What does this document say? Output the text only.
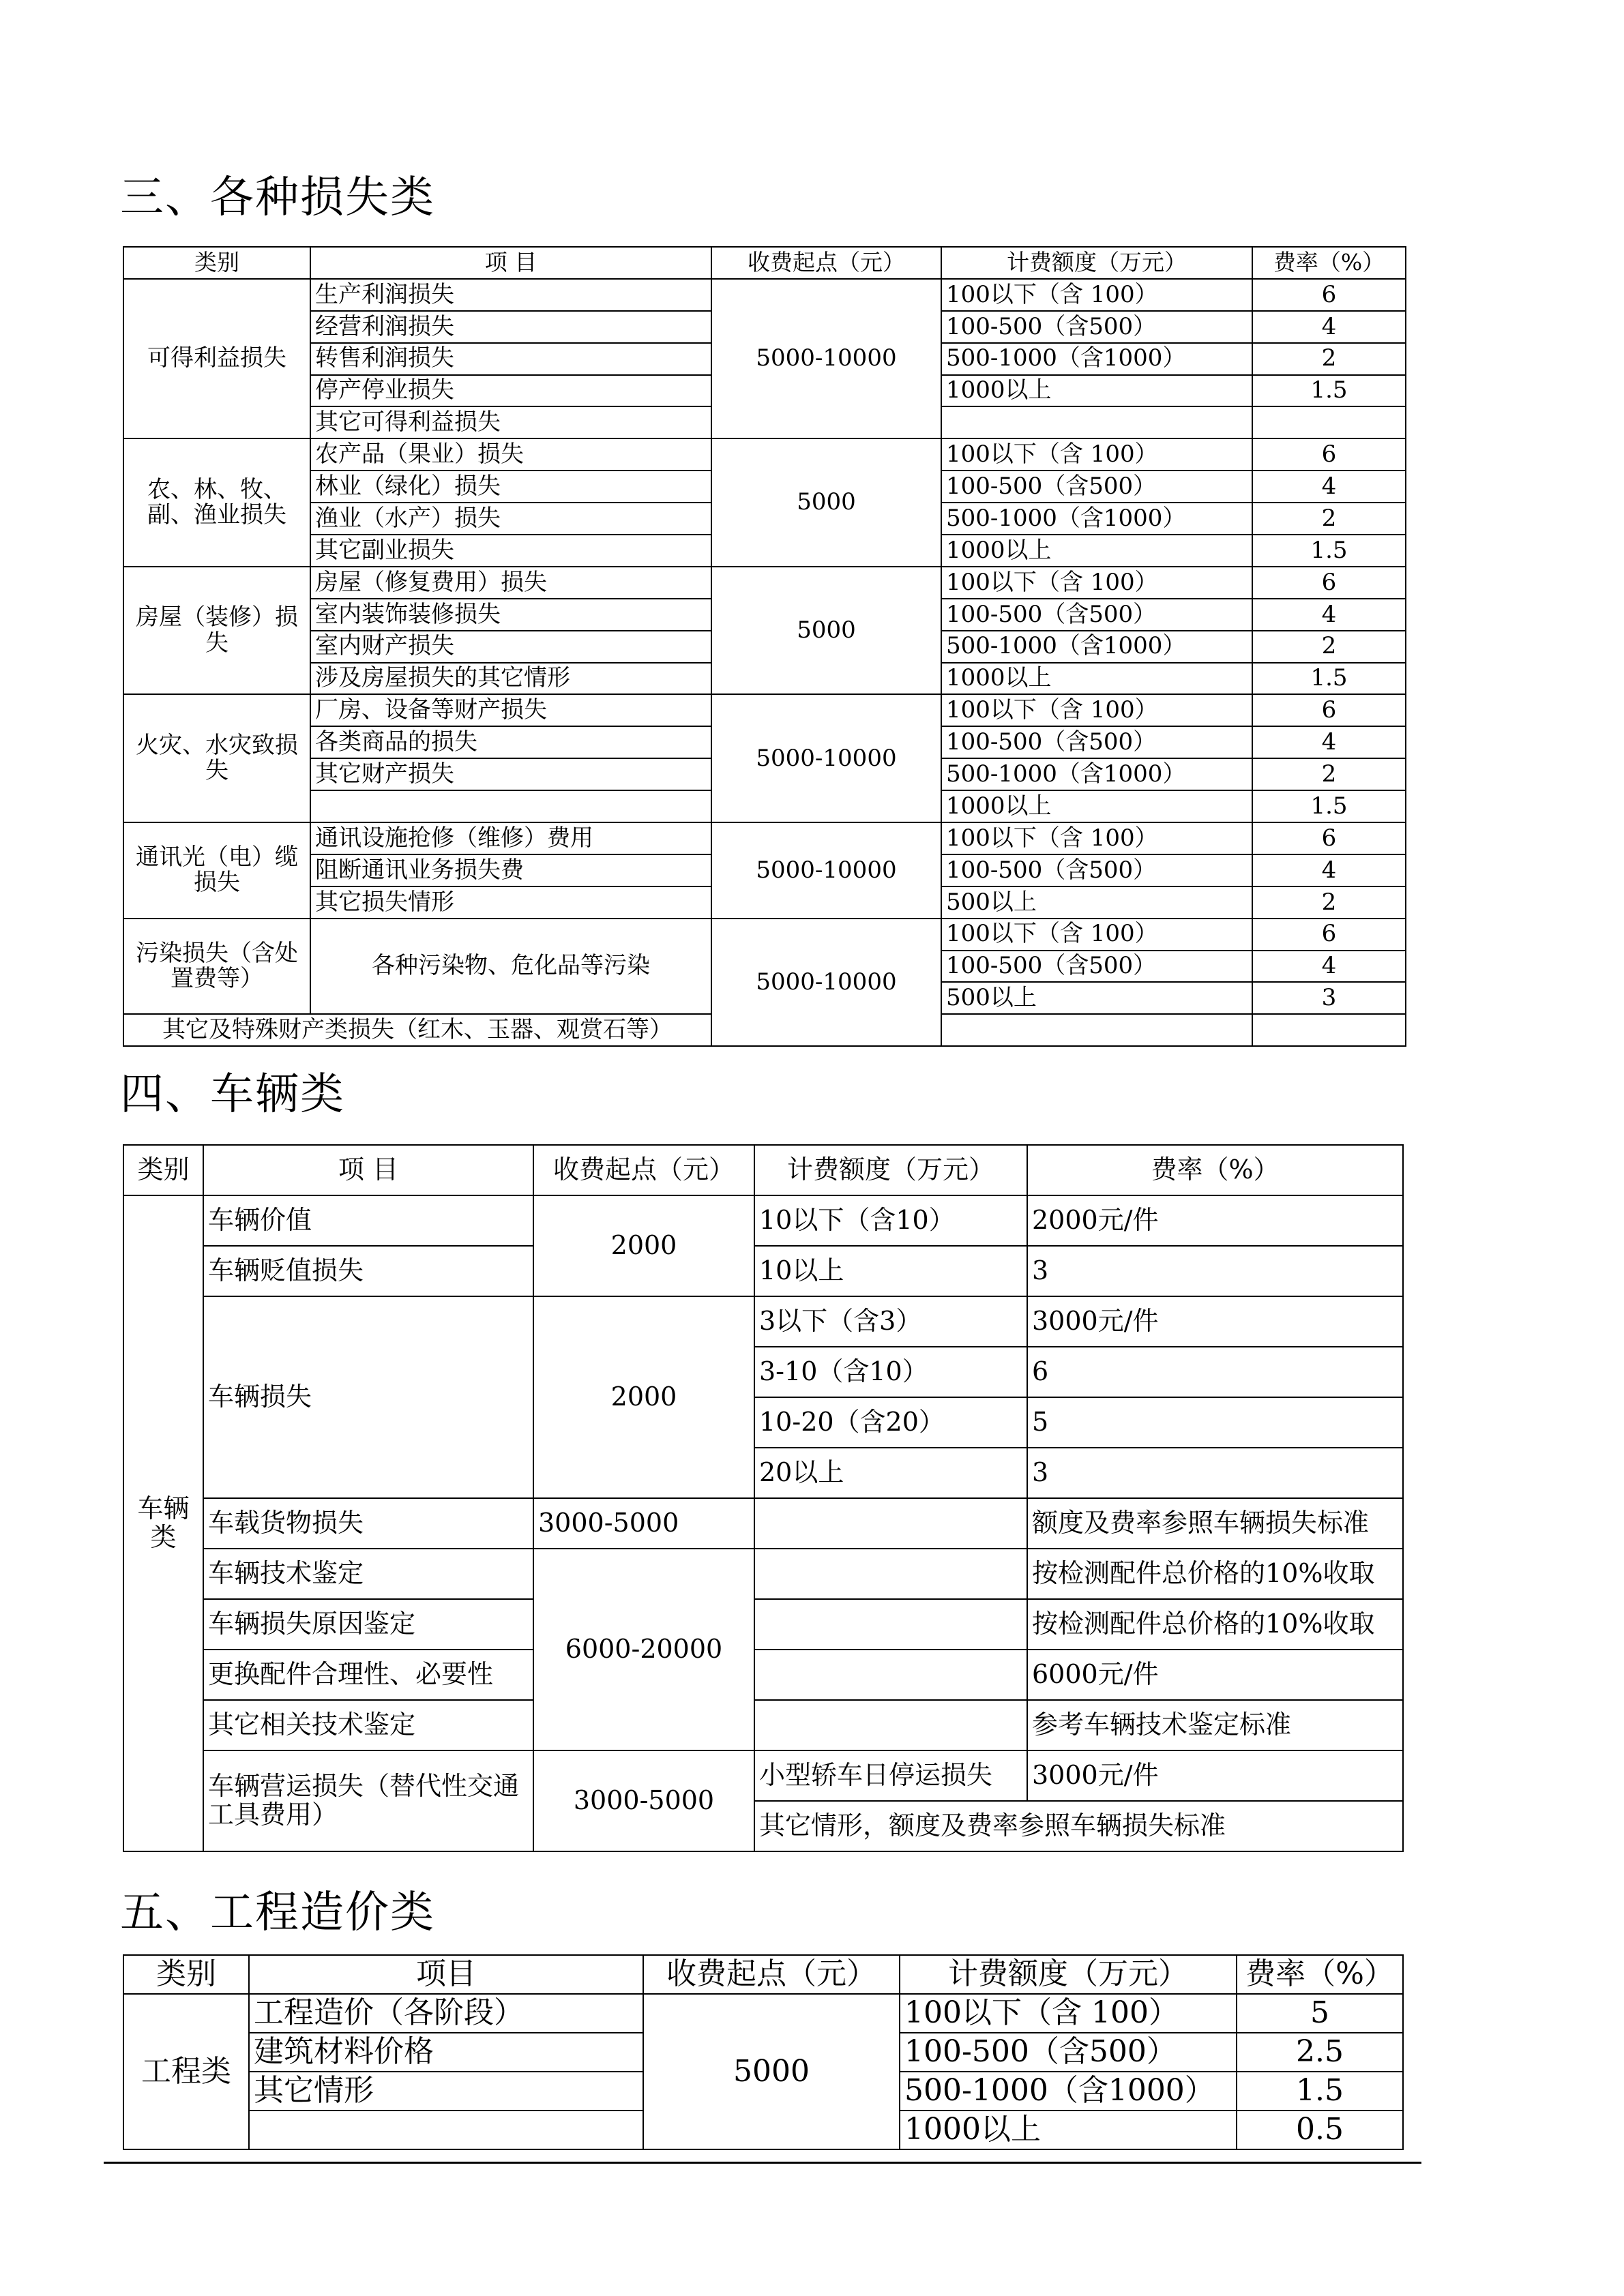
三、各种损失类
类别	项 目	收费起点（元）	计费额度（万元）	费率（%）
可得利益损失	生产利润损失	5000-10000	100以下（含 100）	6
	经营利润损失		100-500（含500）	4
	转售利润损失		500-1000（含1000）	2
	停产停业损失		1000以上	1.5
	其它可得利益损失			
农、林、牧、副、渔业损失	农产品（果业）损失	5000	100以下（含 100）	6
	林业（绿化）损失		100-500（含500）	4
	渔业（水产）损失		500-1000（含1000）	2
	其它副业损失		1000以上	1.5
房屋（装修）损失	房屋（修复费用）损失	5000	100以下（含 100）	6
	室内装饰装修损失		100-500（含500）	4
	室内财产损失		500-1000（含1000）	2
	涉及房屋损失的其它情形		1000以上	1.5
火灾、水灾致损失	厂房、设备等财产损失	5000-10000	100以下（含 100）	6
	各类商品的损失		100-500（含500）	4
	其它财产损失		500-1000（含1000）	2
			1000以上	1.5
通讯光（电）缆损失	通讯设施抢修（维修）费用	5000-10000	100以下（含 100）	6
	阻断通讯业务损失费		100-500（含500）	4
	其它损失情形		500以上	2
污染损失（含处置费等）	各种污染物、危化品等污染	5000-10000	100以下（含 100）	6
			100-500（含500）	4
			500以上	3
其它及特殊财产类损失（红木、玉器、观赏石等）				
四、车辆类
类别	项 目	收费起点（元）	计费额度（万元）	费率（%）
车辆类	车辆价值	2000	10以下（含10）	2000元/件
	车辆贬值损失		10以上	3
	车辆损失	2000	3以下（含3）	3000元/件
			3-10（含10）	6
			10-20（含20）	5
			20以上	3
	车载货物损失	3000-5000		额度及费率参照车辆损失标准
	车辆技术鉴定	6000-20000		按检测配件总价格的10%收取
	车辆损失原因鉴定			按检测配件总价格的10%收取
	更换配件合理性、必要性			6000元/件
	其它相关技术鉴定			参考车辆技术鉴定标准
	车辆营运损失（替代性交通工具费用）	3000-5000	小型轿车日停运损失	3000元/件
			其它情形，额度及费率参照车辆损失标准	
五、工程造价类
类别	项目	收费起点（元）	计费额度（万元）	费率（%）
工程类	工程造价（各阶段）	5000	100以下（含 100）	5
	建筑材料价格		100-500（含500）	2.5
	其它情形		500-1000（含1000）	1.5
			1000以上	0.5
